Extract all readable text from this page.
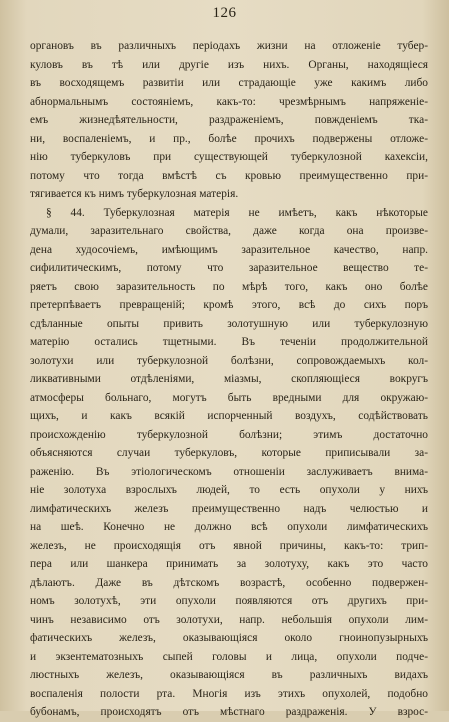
126
органовъ въ различныхъ періодахъ жизни на отложеніе тубер-
куловъ въ тѣ или другіе изъ нихъ. Органы, находящіеся
въ восходящемъ развитіи или страдающіе уже какимъ либо
абнормальнымъ состояніемъ, какъ-то: чрезмѣрнымъ напряженіе-
емъ жизнедѣятельности, раздраженіемъ, повжденіемъ тка-
ни, воспаленіемъ, и пр., болѣе прочихъ подвержены отложе-
нію туберкуловъ при существующей туберкулозной кахексіи,
потому что тогда вмѣстѣ съ кровью преимущественно при-
тягивается къ нимъ туберкулозная матерія.
§ 44. Туберкулозная матерія не имѣетъ, какъ нѣкоторые
думали, заразительнаго свойства, даже когда она произве-
дена худосочіемъ, имѣющимъ заразительное качество, напр.
сифилитическимъ, потому что заразительное вещество те-
ряетъ свою заразительность по мѣрѣ того, какъ оно болѣе
претерпѣваетъ превращеній; кромѣ этого, всѣ до сихъ поръ
сдѣланные опыты привить золотушную или туберкулозную
матерію остались тщетными. Въ теченіи продолжительной
золотухи или туберкулозной болѣзни, сопровождаемыхъ кол-
ликвативными отдѣленіями, міазмы, скопляющіеся вокругъ
атмосферы больнаго, могутъ быть вредными для окружаю-
щихъ, и какъ всякій испорченный воздухъ, содѣйствовать
происхожденію туберкулозной болѣзни; этимъ достаточно
объясняются случаи туберкуловъ, которые приписывали за-
раженію. Въ этіологическомъ отношеніи заслуживаетъ внима-
ніе золотуха взрослыхъ людей, то есть опухоли у нихъ
лимфатическихъ железъ преимущественно надъ челюстью и
на шеѣ. Конечно не должно всѣ опухоли лимфатическихъ
железъ, не происходящія отъ явной причины, какъ-то: трип-
пера или шанкера принимать за золотуху, какъ это часто
дѣлаютъ. Даже въ дѣтскомъ возрастѣ, особенно подвержен-
номъ золотухѣ, эти опухоли появляются отъ другихъ при-
чинъ независимо отъ золотухи, напр. небольшія опухоли лим-
фатическихъ железъ, оказывающіяся около гноинопузырныхъ
и экзентематозныхъ сыпей головы и лица, опухоли подче-
люстныхъ железъ, оказывающіяся въ различныхъ видахъ
воспаленія полости рта. Многія изъ этихъ опухолей, подобно
бубонамъ, происходятъ отъ мѣстнаго раздраженія. У взрос-
